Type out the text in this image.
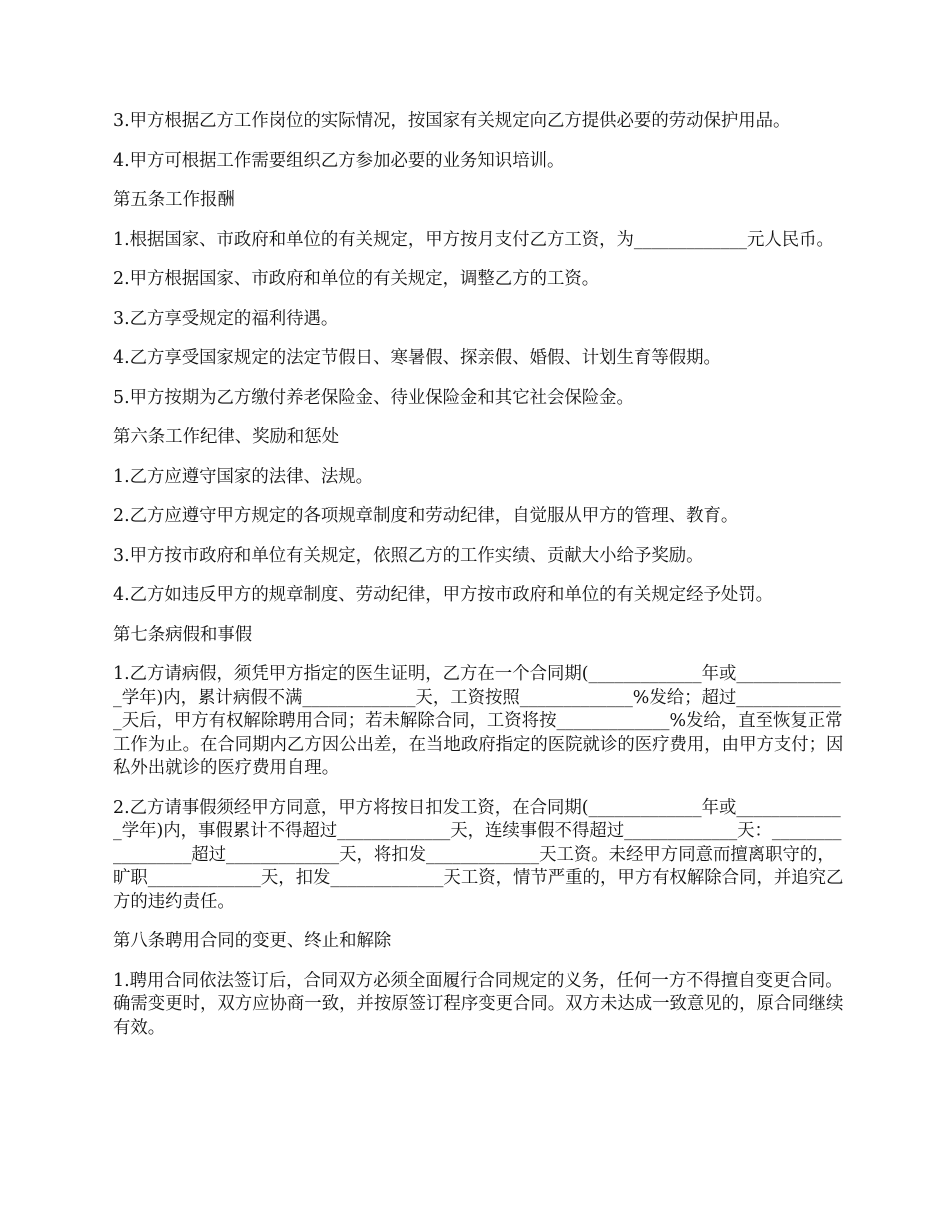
3.甲方根据乙方工作岗位的实际情况，按国家有关规定向乙方提供必要的劳动保护用品。

4.甲方可根据工作需要组织乙方参加必要的业务知识培训。

第五条工作报酬

1.根据国家、市政府和单位的有关规定，甲方按月支付乙方工资，为_____________元人民币。

2.甲方根据国家、市政府和单位的有关规定，调整乙方的工资。

3.乙方享受规定的福利待遇。

4.乙方享受国家规定的法定节假日、寒暑假、探亲假、婚假、计划生育等假期。

5.甲方按期为乙方缴付养老保险金、待业保险金和其它社会保险金。

第六条工作纪律、奖励和惩处

1.乙方应遵守国家的法律、法规。

2.乙方应遵守甲方规定的各项规章制度和劳动纪律，自觉服从甲方的管理、教育。

3.甲方按市政府和单位有关规定，依照乙方的工作实绩、贡献大小给予奖励。

4.乙方如违反甲方的规章制度、劳动纪律，甲方按市政府和单位的有关规定经予处罚。

第七条病假和事假

1.乙方请病假，须凭甲方指定的医生证明，乙方在一个合同期(_____________年或_____________学年)内，累计病假不满_____________天，工资按照_____________%发给；超过_____________天后，甲方有权解除聘用合同；若未解除合同，工资将按_____________%发给，直至恢复正常工作为止。在合同期内乙方因公出差，在当地政府指定的医院就诊的医疗费用，由甲方支付；因私外出就诊的医疗费用自理。

2.乙方请事假须经甲方同意，甲方将按日扣发工资，在合同期(_____________年或_____________学年)内，事假累计不得超过_____________天，连续事假不得超过_____________天：_________________超过_____________天，将扣发_____________天工资。未经甲方同意而擅离职守的，旷职_____________天，扣发_____________天工资，情节严重的，甲方有权解除合同，并追究乙方的违约责任。

第八条聘用合同的变更、终止和解除

1.聘用合同依法签订后，合同双方必须全面履行合同规定的义务，任何一方不得擅自变更合同。确需变更时，双方应协商一致，并按原签订程序变更合同。双方未达成一致意见的，原合同继续有效。
